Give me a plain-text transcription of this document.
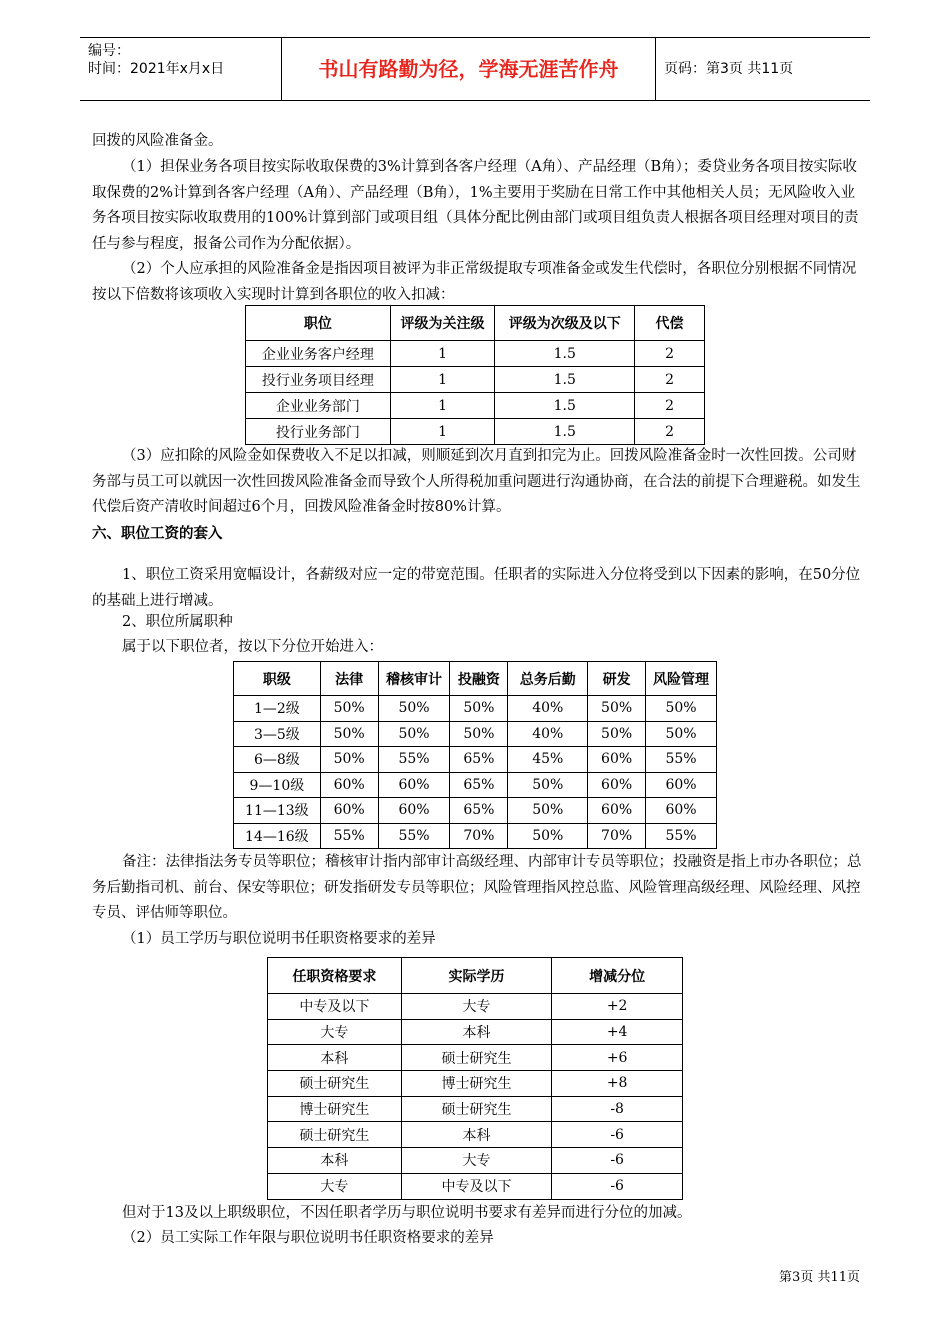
编号：
时间：2021年x月x日	书山有路勤为径，学海无涯苦作舟	页码：第3页 共11页

回拨的风险准备金。

（1）担保业务各项目按实际收取保费的3%计算到各客户经理（A角）、产品经理（B角）；委贷业务各项目按实际收取保费的2%计算到各客户经理（A角）、产品经理（B角），1%主要用于奖励在日常工作中其他相关人员；无风险收入业务各项目按实际收取费用的100%计算到部门或项目组（具体分配比例由部门或项目组负责人根据各项目经理对项目的责任与参与程度，报备公司作为分配依据）。

（2）个人应承担的风险准备金是指因项目被评为非正常级提取专项准备金或发生代偿时，各职位分别根据不同情况按以下倍数将该项收入实现时计算到各职位的收入扣减：

职位	评级为关注级	评级为次级及以下	代偿
企业业务客户经理	1	1.5	2
投行业务项目经理	1	1.5	2
企业业务部门	1	1.5	2
投行业务部门	1	1.5	2

（3）应扣除的风险金如保费收入不足以扣减，则顺延到次月直到扣完为止。回拨风险准备金时一次性回拨。公司财务部与员工可以就因一次性回拨风险准备金而导致个人所得税加重问题进行沟通协商，在合法的前提下合理避税。如发生代偿后资产清收时间超过6个月，回拨风险准备金时按80%计算。

六、职位工资的套入

1、职位工资采用宽幅设计，各薪级对应一定的带宽范围。任职者的实际进入分位将受到以下因素的影响，在50分位的基础上进行增减。

2、职位所属职种

属于以下职位者，按以下分位开始进入：

职级	法律	稽核审计	投融资	总务后勤	研发	风险管理
1—2级	50%	50%	50%	40%	50%	50%
3—5级	50%	50%	50%	40%	50%	50%
6—8级	50%	55%	65%	45%	60%	55%
9—10级	60%	60%	65%	50%	60%	60%
11—13级	60%	60%	65%	50%	60%	60%
14—16级	55%	55%	70%	50%	70%	55%

备注：法律指法务专员等职位；稽核审计指内部审计高级经理、内部审计专员等职位；投融资是指上市办各职位；总务后勤指司机、前台、保安等职位；研发指研发专员等职位；风险管理指风控总监、风险管理高级经理、风险经理、风控专员、评估师等职位。

（1）员工学历与职位说明书任职资格要求的差异

任职资格要求	实际学历	增减分位
中专及以下	大专	+2
大专	本科	+4
本科	硕士研究生	+6
硕士研究生	博士研究生	+8
博士研究生	硕士研究生	-8
硕士研究生	本科	-6
本科	大专	-6
大专	中专及以下	-6

但对于13及以上职级职位，不因任职者学历与职位说明书要求有差异而进行分位的加减。

（2）员工实际工作年限与职位说明书任职资格要求的差异

第3页 共11页
